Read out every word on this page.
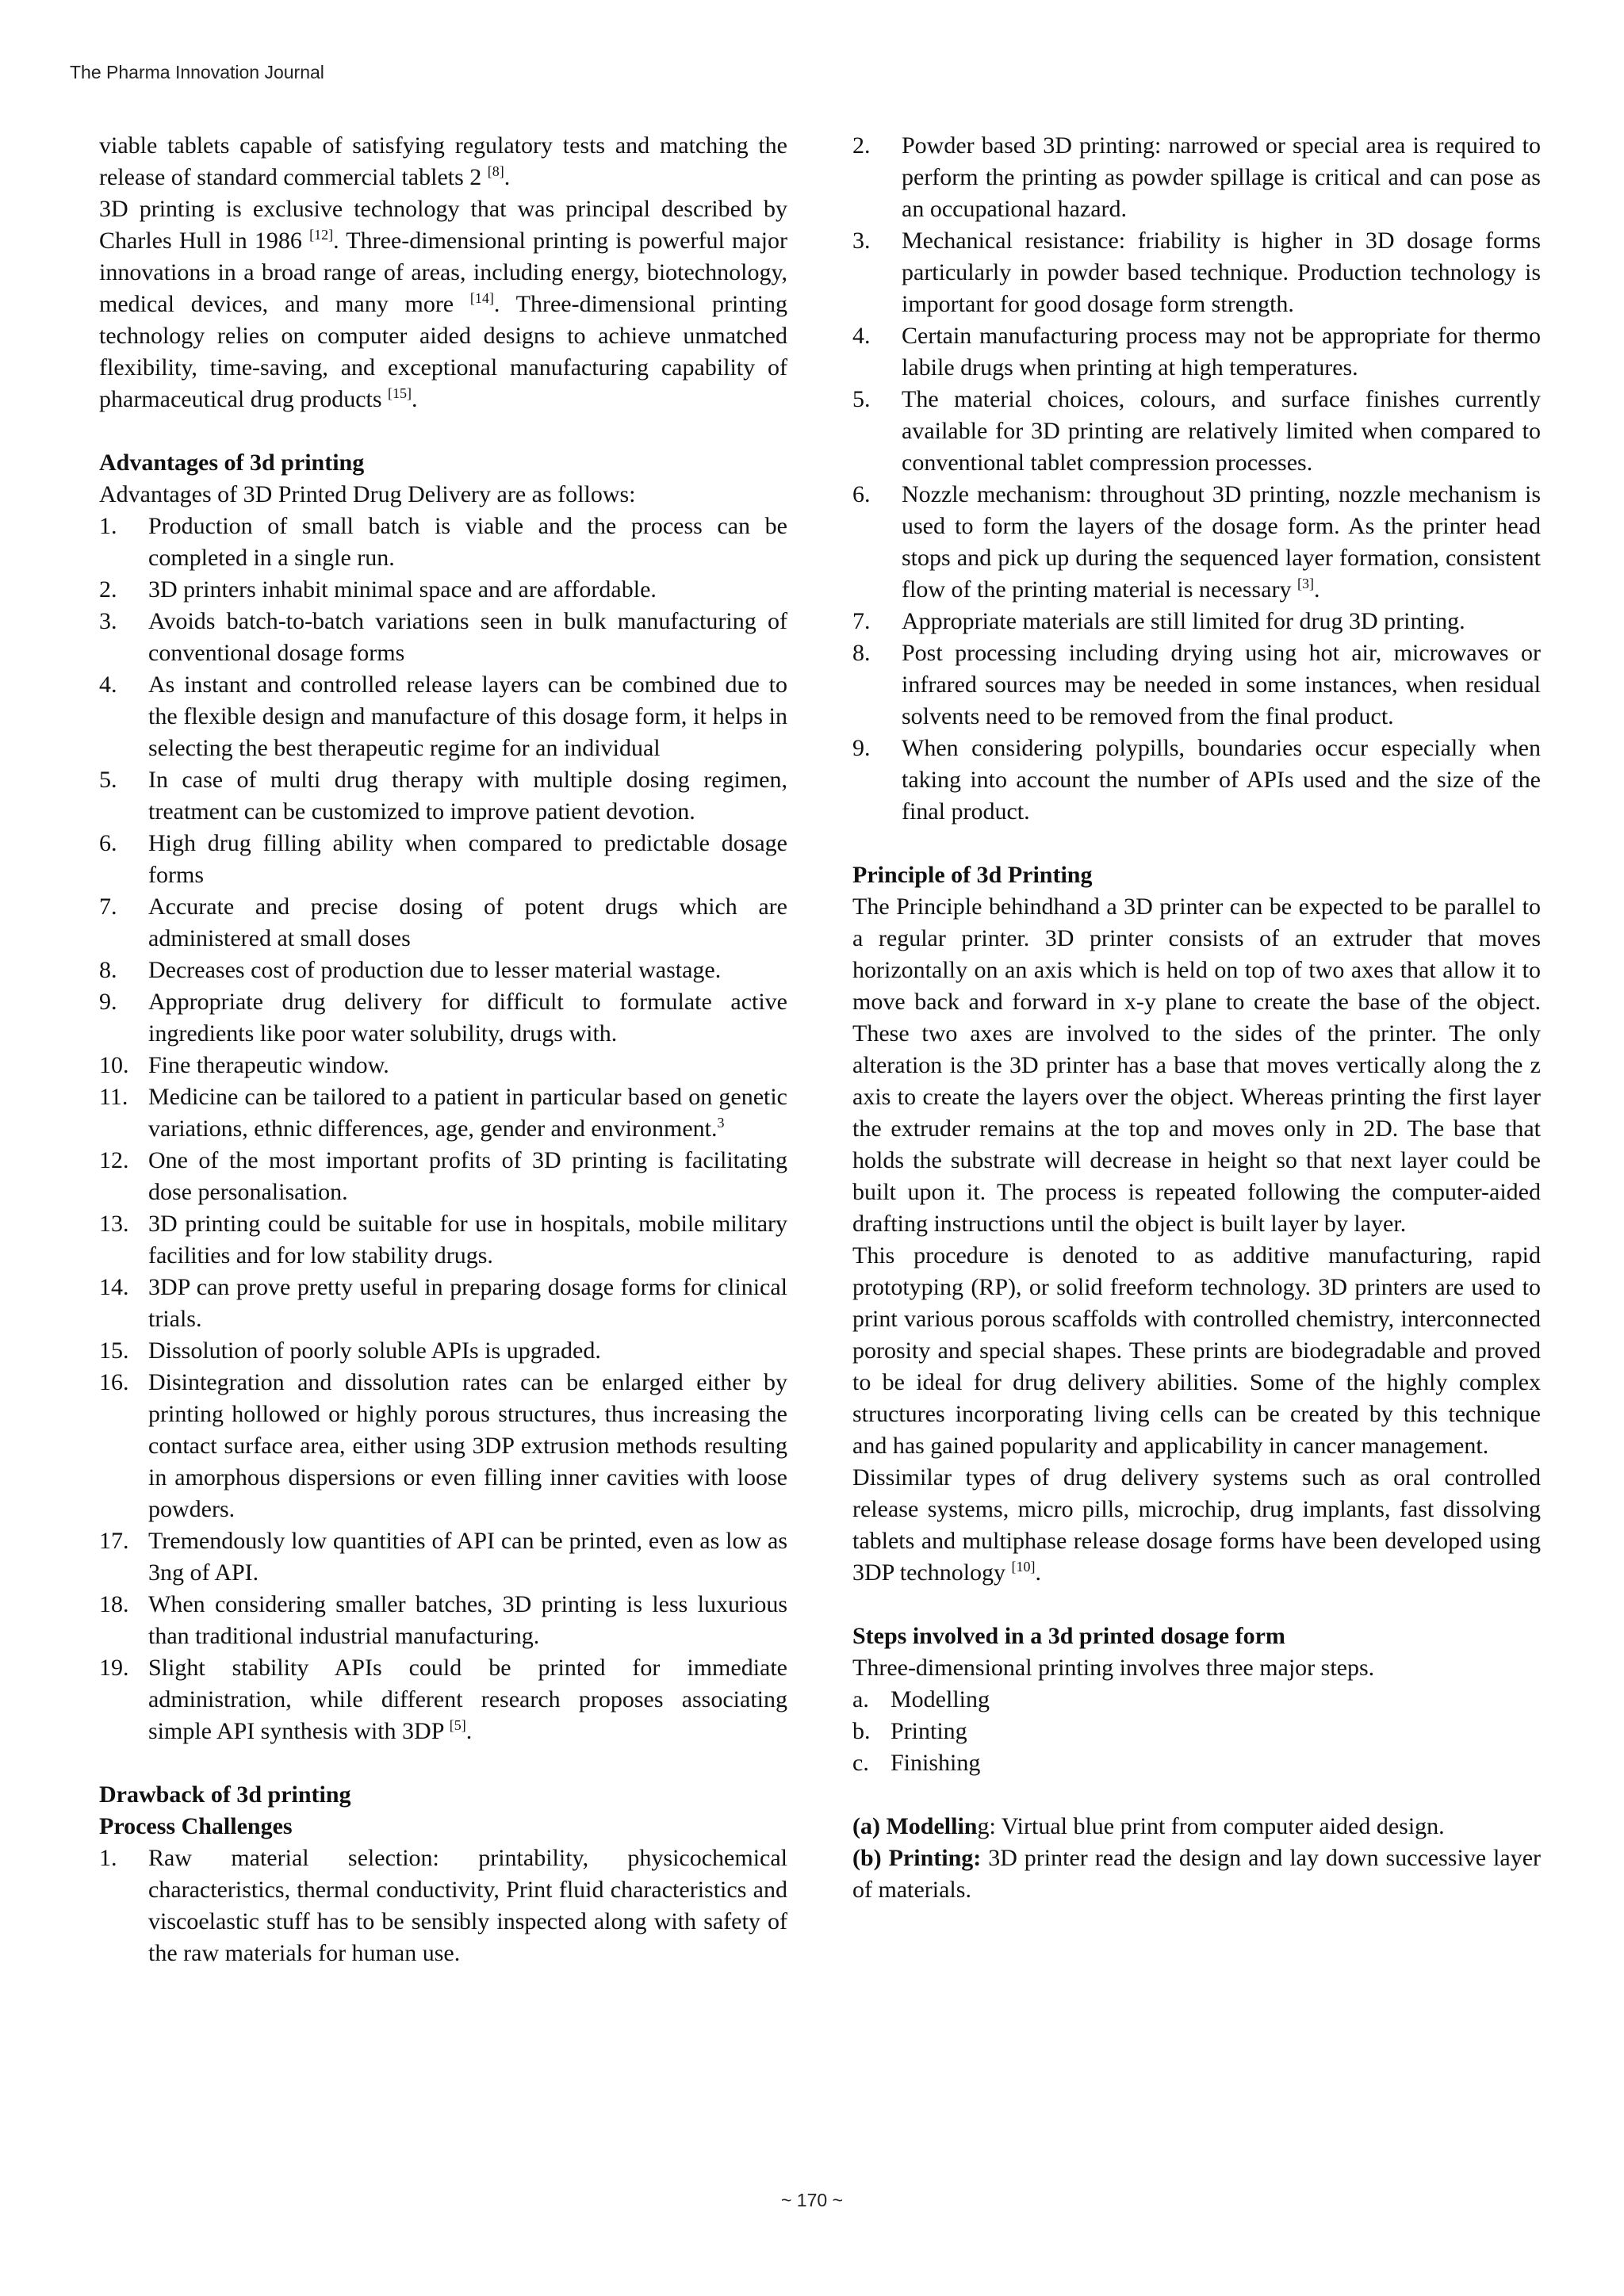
The Pharma Innovation Journal

viable tablets capable of satisfying regulatory tests and matching the release of standard commercial tablets 2 [8].

3D printing is exclusive technology that was principal described by Charles Hull in 1986 [12]. Three-dimensional printing is powerful major innovations in a broad range of areas, including energy, biotechnology, medical devices, and many more [14]. Three-dimensional printing technology relies on computer aided designs to achieve unmatched flexibility, time-saving, and exceptional manufacturing capability of pharmaceutical drug products [15].

Advantages of 3d printing

Advantages of 3D Printed Drug Delivery are as follows:

1. Production of small batch is viable and the process can be completed in a single run.
2. 3D printers inhabit minimal space and are affordable.
3. Avoids batch-to-batch variations seen in bulk manufacturing of conventional dosage forms
4. As instant and controlled release layers can be combined due to the flexible design and manufacture of this dosage form, it helps in selecting the best therapeutic regime for an individual
5. In case of multi drug therapy with multiple dosing regimen, treatment can be customized to improve patient devotion.
6. High drug filling ability when compared to predictable dosage forms
7. Accurate and precise dosing of potent drugs which are administered at small doses
8. Decreases cost of production due to lesser material wastage.
9. Appropriate drug delivery for difficult to formulate active ingredients like poor water solubility, drugs with.
10. Fine therapeutic window.
11. Medicine can be tailored to a patient in particular based on genetic variations, ethnic differences, age, gender and environment.$^3$
12. One of the most important profits of 3D printing is facilitating dose personalisation.
13. 3D printing could be suitable for use in hospitals, mobile military facilities and for low stability drugs.
14. 3DP can prove pretty useful in preparing dosage forms for clinical trials.
15. Dissolution of poorly soluble APIs is upgraded.
16. Disintegration and dissolution rates can be enlarged either by printing hollowed or highly porous structures, thus increasing the contact surface area, either using 3DP extrusion methods resulting in amorphous dispersions or even filling inner cavities with loose powders.
17. Tremendously low quantities of API can be printed, even as low as 3ng of API.
18. When considering smaller batches, 3D printing is less luxurious than traditional industrial manufacturing.
19. Slight stability APIs could be printed for immediate administration, while different research proposes associating simple API synthesis with 3DP [5].
Drawback of 3d printing
Process Challenges
1. Raw material selection: printability, physicochemical characteristics, thermal conductivity, Print fluid characteristics and viscoelastic stuff has to be sensibly inspected along with safety of the raw materials for human use.
2. Powder based 3D printing: narrowed or special area is required to perform the printing as powder spillage is critical and can pose as an occupational hazard.
3. Mechanical resistance: friability is higher in 3D dosage forms particularly in powder based technique. Production technology is important for good dosage form strength.
4. Certain manufacturing process may not be appropriate for thermo labile drugs when printing at high temperatures.
5. The material choices, colours, and surface finishes currently available for 3D printing are relatively limited when compared to conventional tablet compression processes.
6. Nozzle mechanism: throughout 3D printing, nozzle mechanism is used to form the layers of the dosage form. As the printer head stops and pick up during the sequenced layer formation, consistent flow of the printing material is necessary [3].
7. Appropriate materials are still limited for drug 3D printing.
8. Post processing including drying using hot air, microwaves or infrared sources may be needed in some instances, when residual solvents need to be removed from the final product.
9. When considering polypills, boundaries occur especially when taking into account the number of APIs used and the size of the final product.
Principle of 3d Printing

The Principle behindhand a 3D printer can be expected to be parallel to a regular printer. 3D printer consists of an extruder that moves horizontally on an axis which is held on top of two axes that allow it to move back and forward in x-y plane to create the base of the object. These two axes are involved to the sides of the printer. The only alteration is the 3D printer has a base that moves vertically along the z axis to create the layers over the object. Whereas printing the first layer the extruder remains at the top and moves only in 2D. The base that holds the substrate will decrease in height so that next layer could be built upon it. The process is repeated following the computer-aided drafting instructions until the object is built layer by layer.

This procedure is denoted to as additive manufacturing, rapid prototyping (RP), or solid freeform technology. 3D printers are used to print various porous scaffolds with controlled chemistry, interconnected porosity and special shapes. These prints are biodegradable and proved to be ideal for drug delivery abilities. Some of the highly complex structures incorporating living cells can be created by this technique and has gained popularity and applicability in cancer management.

Dissimilar types of drug delivery systems such as oral controlled release systems, micro pills, microchip, drug implants, fast dissolving tablets and multiphase release dosage forms have been developed using 3DP technology [10].

Steps involved in a 3d printed dosage form

Three-dimensional printing involves three major steps.

a. Modelling
b. Printing
c. Finishing

(a) Modelling: Virtual blue print from computer aided design.

(b) Printing: 3D printer read the design and lay down successive layer of materials.

~ 170 ~
